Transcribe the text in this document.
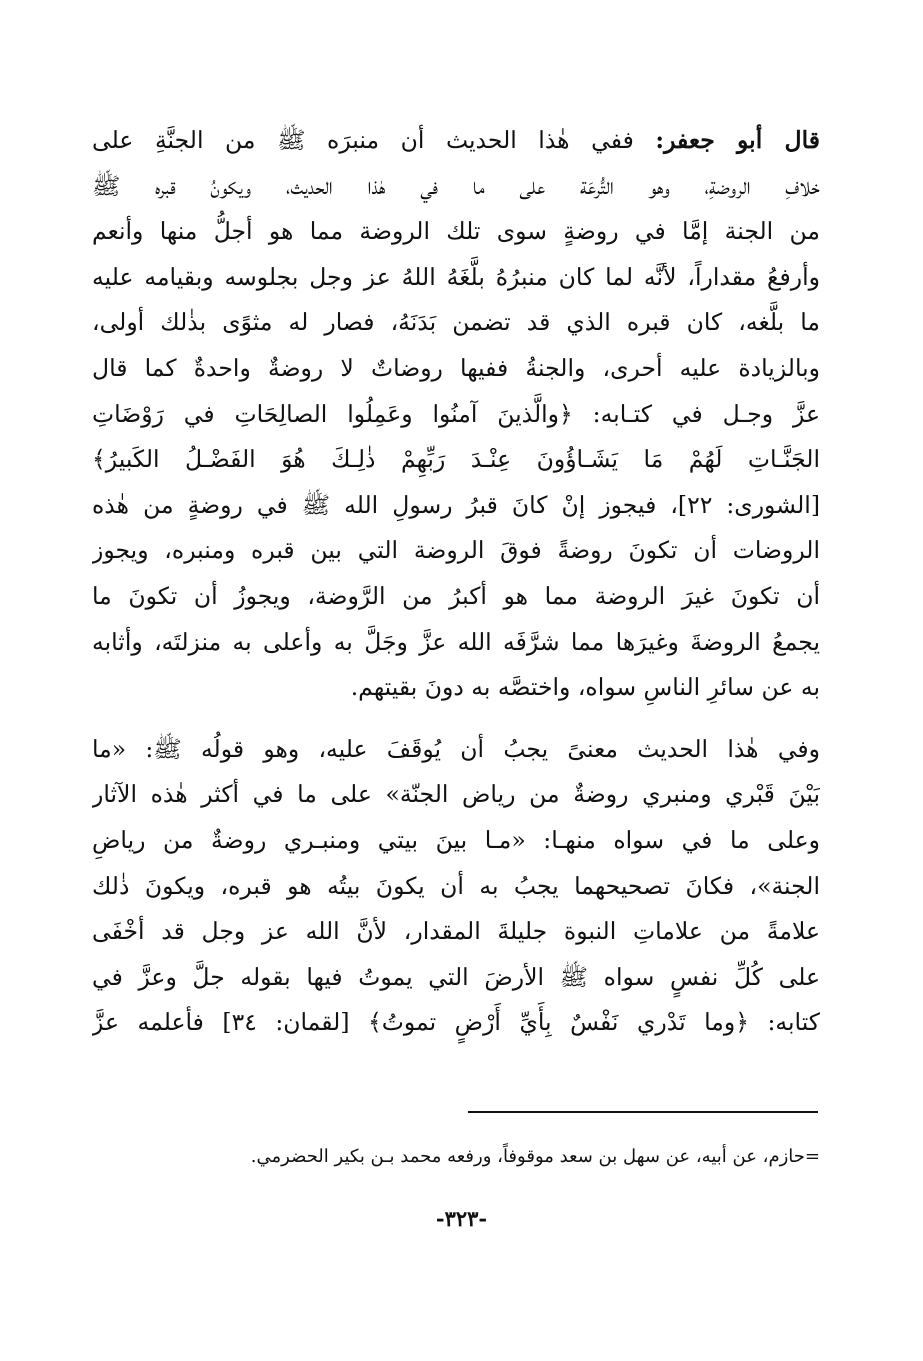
قال أبو جعفر: ففي هٰذا الحديث أن منبرَه ﷺ من الجنَّةِ على
خلافِ الروضةِ، وهو التُّرعَة على ما في هٰذا الحديث، ويكونُ قبره ﷺ
من الجنة إمَّا في روضةٍ سوى تلك الروضة مما هو أجلُّ منها وأنعم
وأرفعُ مقداراً، لأنَّه لما كان منبرُهُ بلَّغَهُ اللهُ عز وجل بجلوسه وبقيامه عليه
ما بلَّغه، كان قبره الذي قد تضمن بَدَنَهُ، فصار له مثوًى بذٰلك أولى،
وبالزيادة عليه أحرى، والجنةُ ففيها روضاتٌ لا روضةٌ واحدةٌ كما قال
عزَّ وجـل في كتـابه: ﴿والَّذينَ آمنُوا وعَمِلُوا الصالِحَاتِ في رَوْضَاتِ
الجَنَّـاتِ لَهُمْ مَا يَشَـاؤُونَ عِنْـدَ رَبِّهِمْ ذٰلِـكَ هُوَ الفَضْـلُ الكَبيرُ﴾
[الشورى: ٢٢]، فيجوز إنْ كانَ قبرُ رسولِ الله ﷺ في روضةٍ من هٰذه
الروضات أن تكونَ روضةً فوقَ الروضة التي بين قبره ومنبره، ويجوز
أن تكونَ غيرَ الروضة مما هو أكبرُ من الرَّوضة، ويجوزُ أن تكونَ ما
يجمعُ الروضةَ وغيرَها مما شرَّفَه الله عزَّ وجَلَّ به وأعلى به منزلتَه، وأثابه
به عن سائرِ الناسِ سواه، واختصَّه به دونَ بقيتهم.
وفي هٰذا الحديث معنىً يجبُ أن يُوقَفَ عليه، وهو قولُه ﷺ: «ما
بَيْنَ قَبْري ومنبري روضةٌ من رياض الجنّة» على ما في أكثر هٰذه الآثار
وعلى ما في سواه منهـا: «مـا بينَ بيتي ومنبـري روضةٌ من رياضِ
الجنة»، فكانَ تصحيحهما يجبُ به أن يكونَ بيتُه هو قبره، ويكونَ ذٰلك
علامةً من علاماتِ النبوة جليلةَ المقدار، لأنَّ الله عز وجل قد أخْفَى
على كُلِّ نفسٍ سواه ﷺ الأرضَ التي يموتُ فيها بقوله جلَّ وعزَّ في
كتابه: ﴿وما تَدْري نَفْسٌ بِأَيِّ أَرْضٍ تموتُ﴾ [لقمان: ٣٤] فأعلمه عزَّ
=حازم، عن أبيه، عن سهل بن سعد موقوفاً، ورفعه محمد بـن بكير الحضرمي.
-٣٢٣-
